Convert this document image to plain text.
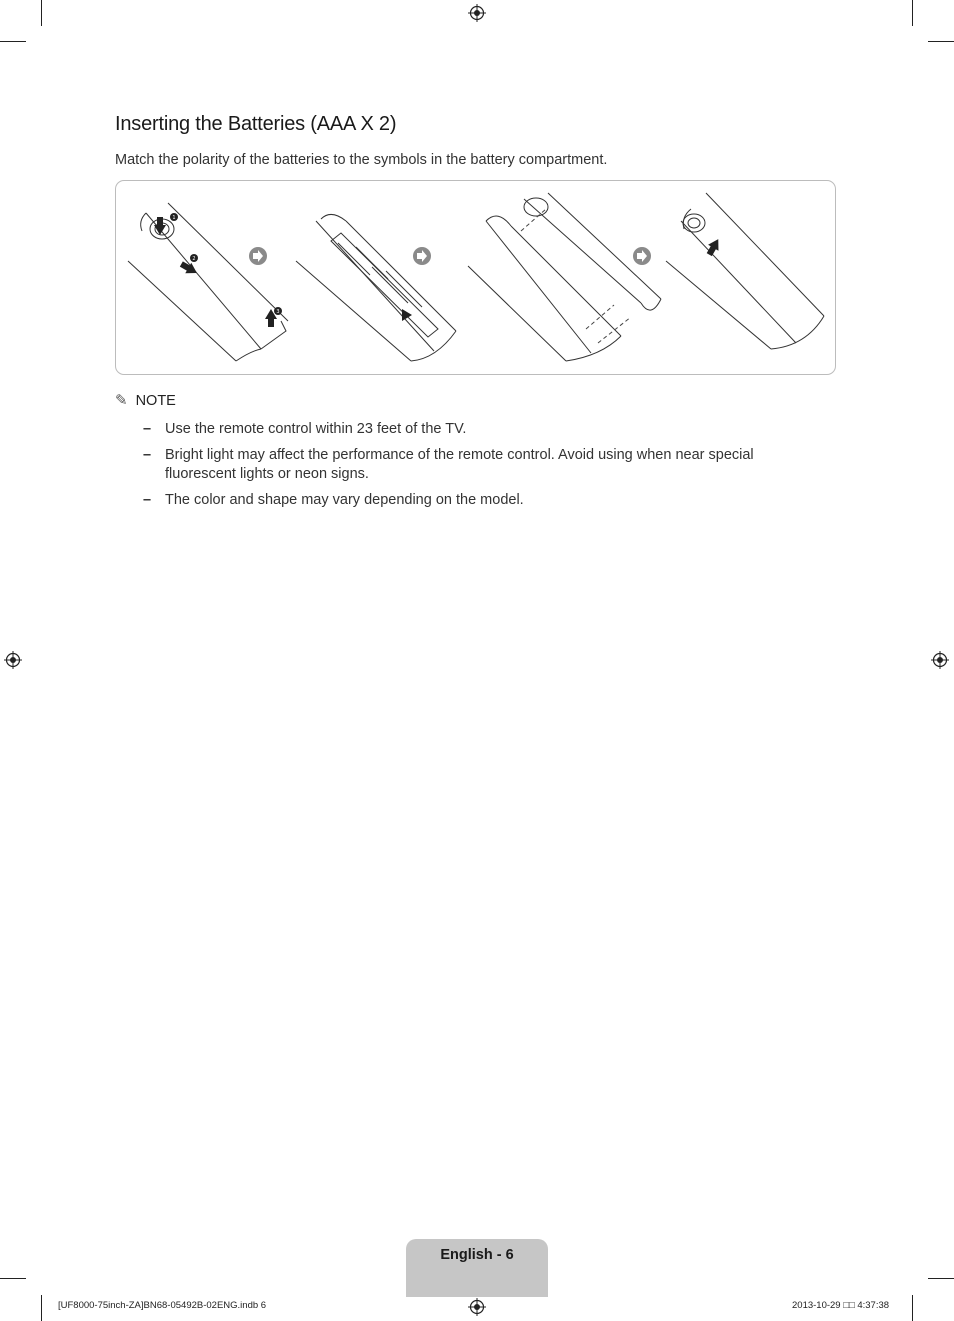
Inserting the Batteries (AAA X 2)

Match the polarity of the batteries to the symbols in the battery compartment.

1
2
3
✎ NOTE
– Use the remote control within 23 feet of the TV.
– Bright light may affect the performance of the remote control. Avoid using when near special fluorescent lights or neon signs.
– The color and shape may vary depending on the model.
English - 6
[UF8000-75inch-ZA]BN68-05492B-02ENG.indb 6	2013-10-29 □□ 4:37:38
